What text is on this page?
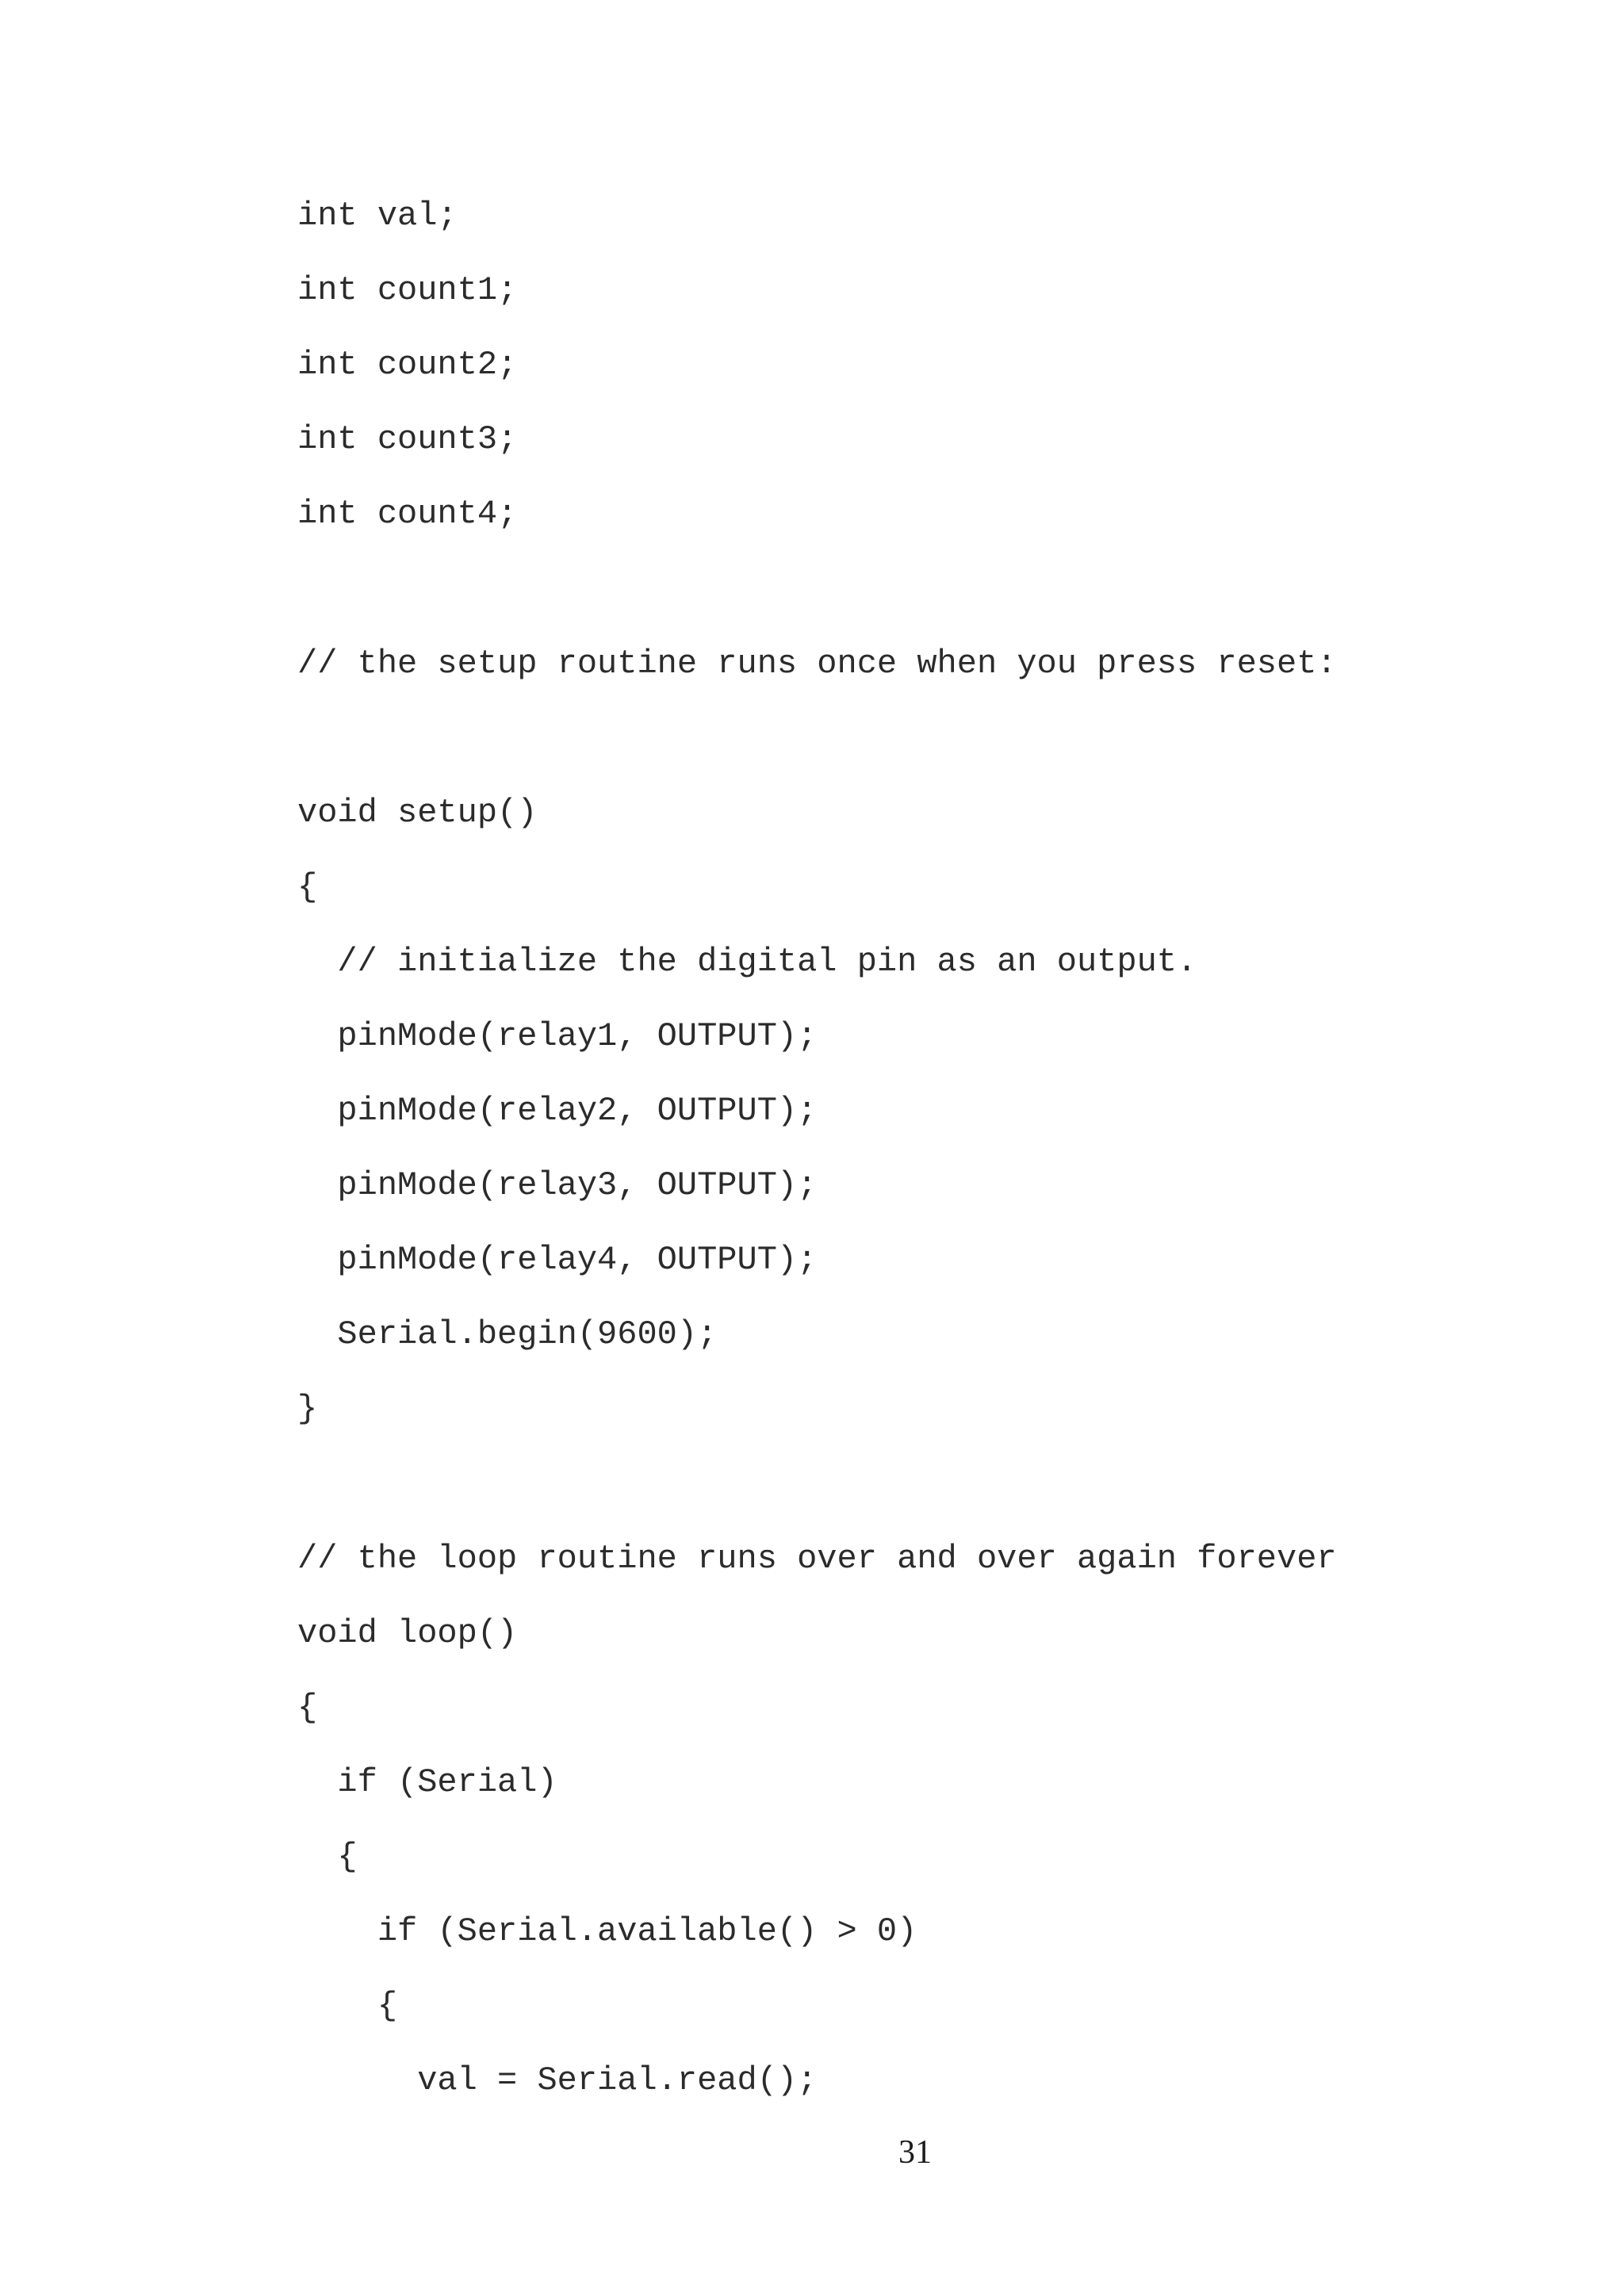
int val;
int count1;
int count2;
int count3;
int count4;
// the setup routine runs once when you press reset:
void setup()
{
// initialize the digital pin as an output.
pinMode(relay1, OUTPUT);
pinMode(relay2, OUTPUT);
pinMode(relay3, OUTPUT);
pinMode(relay4, OUTPUT);
Serial.begin(9600);
}
// the loop routine runs over and over again forever
void loop()
{
if (Serial)
{
if (Serial.available() > 0)
{
val = Serial.read();
31
